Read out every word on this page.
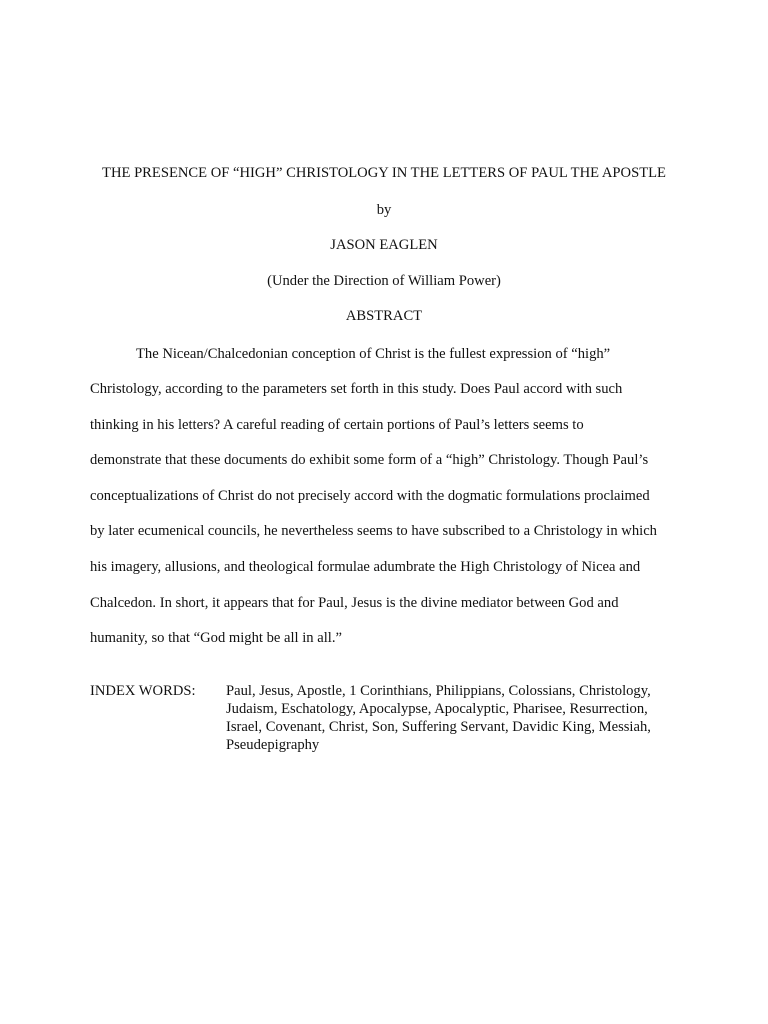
THE PRESENCE OF “HIGH” CHRISTOLOGY IN THE LETTERS OF PAUL THE APOSTLE
by
JASON EAGLEN
(Under the Direction of William Power)
ABSTRACT
The Nicean/Chalcedonian conception of Christ is the fullest expression of “high”
Christology, according to the parameters set forth in this study. Does Paul accord with such
thinking in his letters? A careful reading of certain portions of Paul’s letters seems to
demonstrate that these documents do exhibit some form of a “high” Christology. Though Paul’s
conceptualizations of Christ do not precisely accord with the dogmatic formulations proclaimed
by later ecumenical councils, he nevertheless seems to have subscribed to a Christology in which
his imagery, allusions, and theological formulae adumbrate the High Christology of Nicea and
Chalcedon. In short, it appears that for Paul, Jesus is the divine mediator between God and
humanity, so that “God might be all in all.”
INDEX WORDS: Paul, Jesus, Apostle, 1 Corinthians, Philippians, Colossians, Christology,
Judaism, Eschatology, Apocalypse, Apocalyptic, Pharisee, Resurrection,
Israel, Covenant, Christ, Son, Suffering Servant, Davidic King, Messiah,
Pseudepigraphy
